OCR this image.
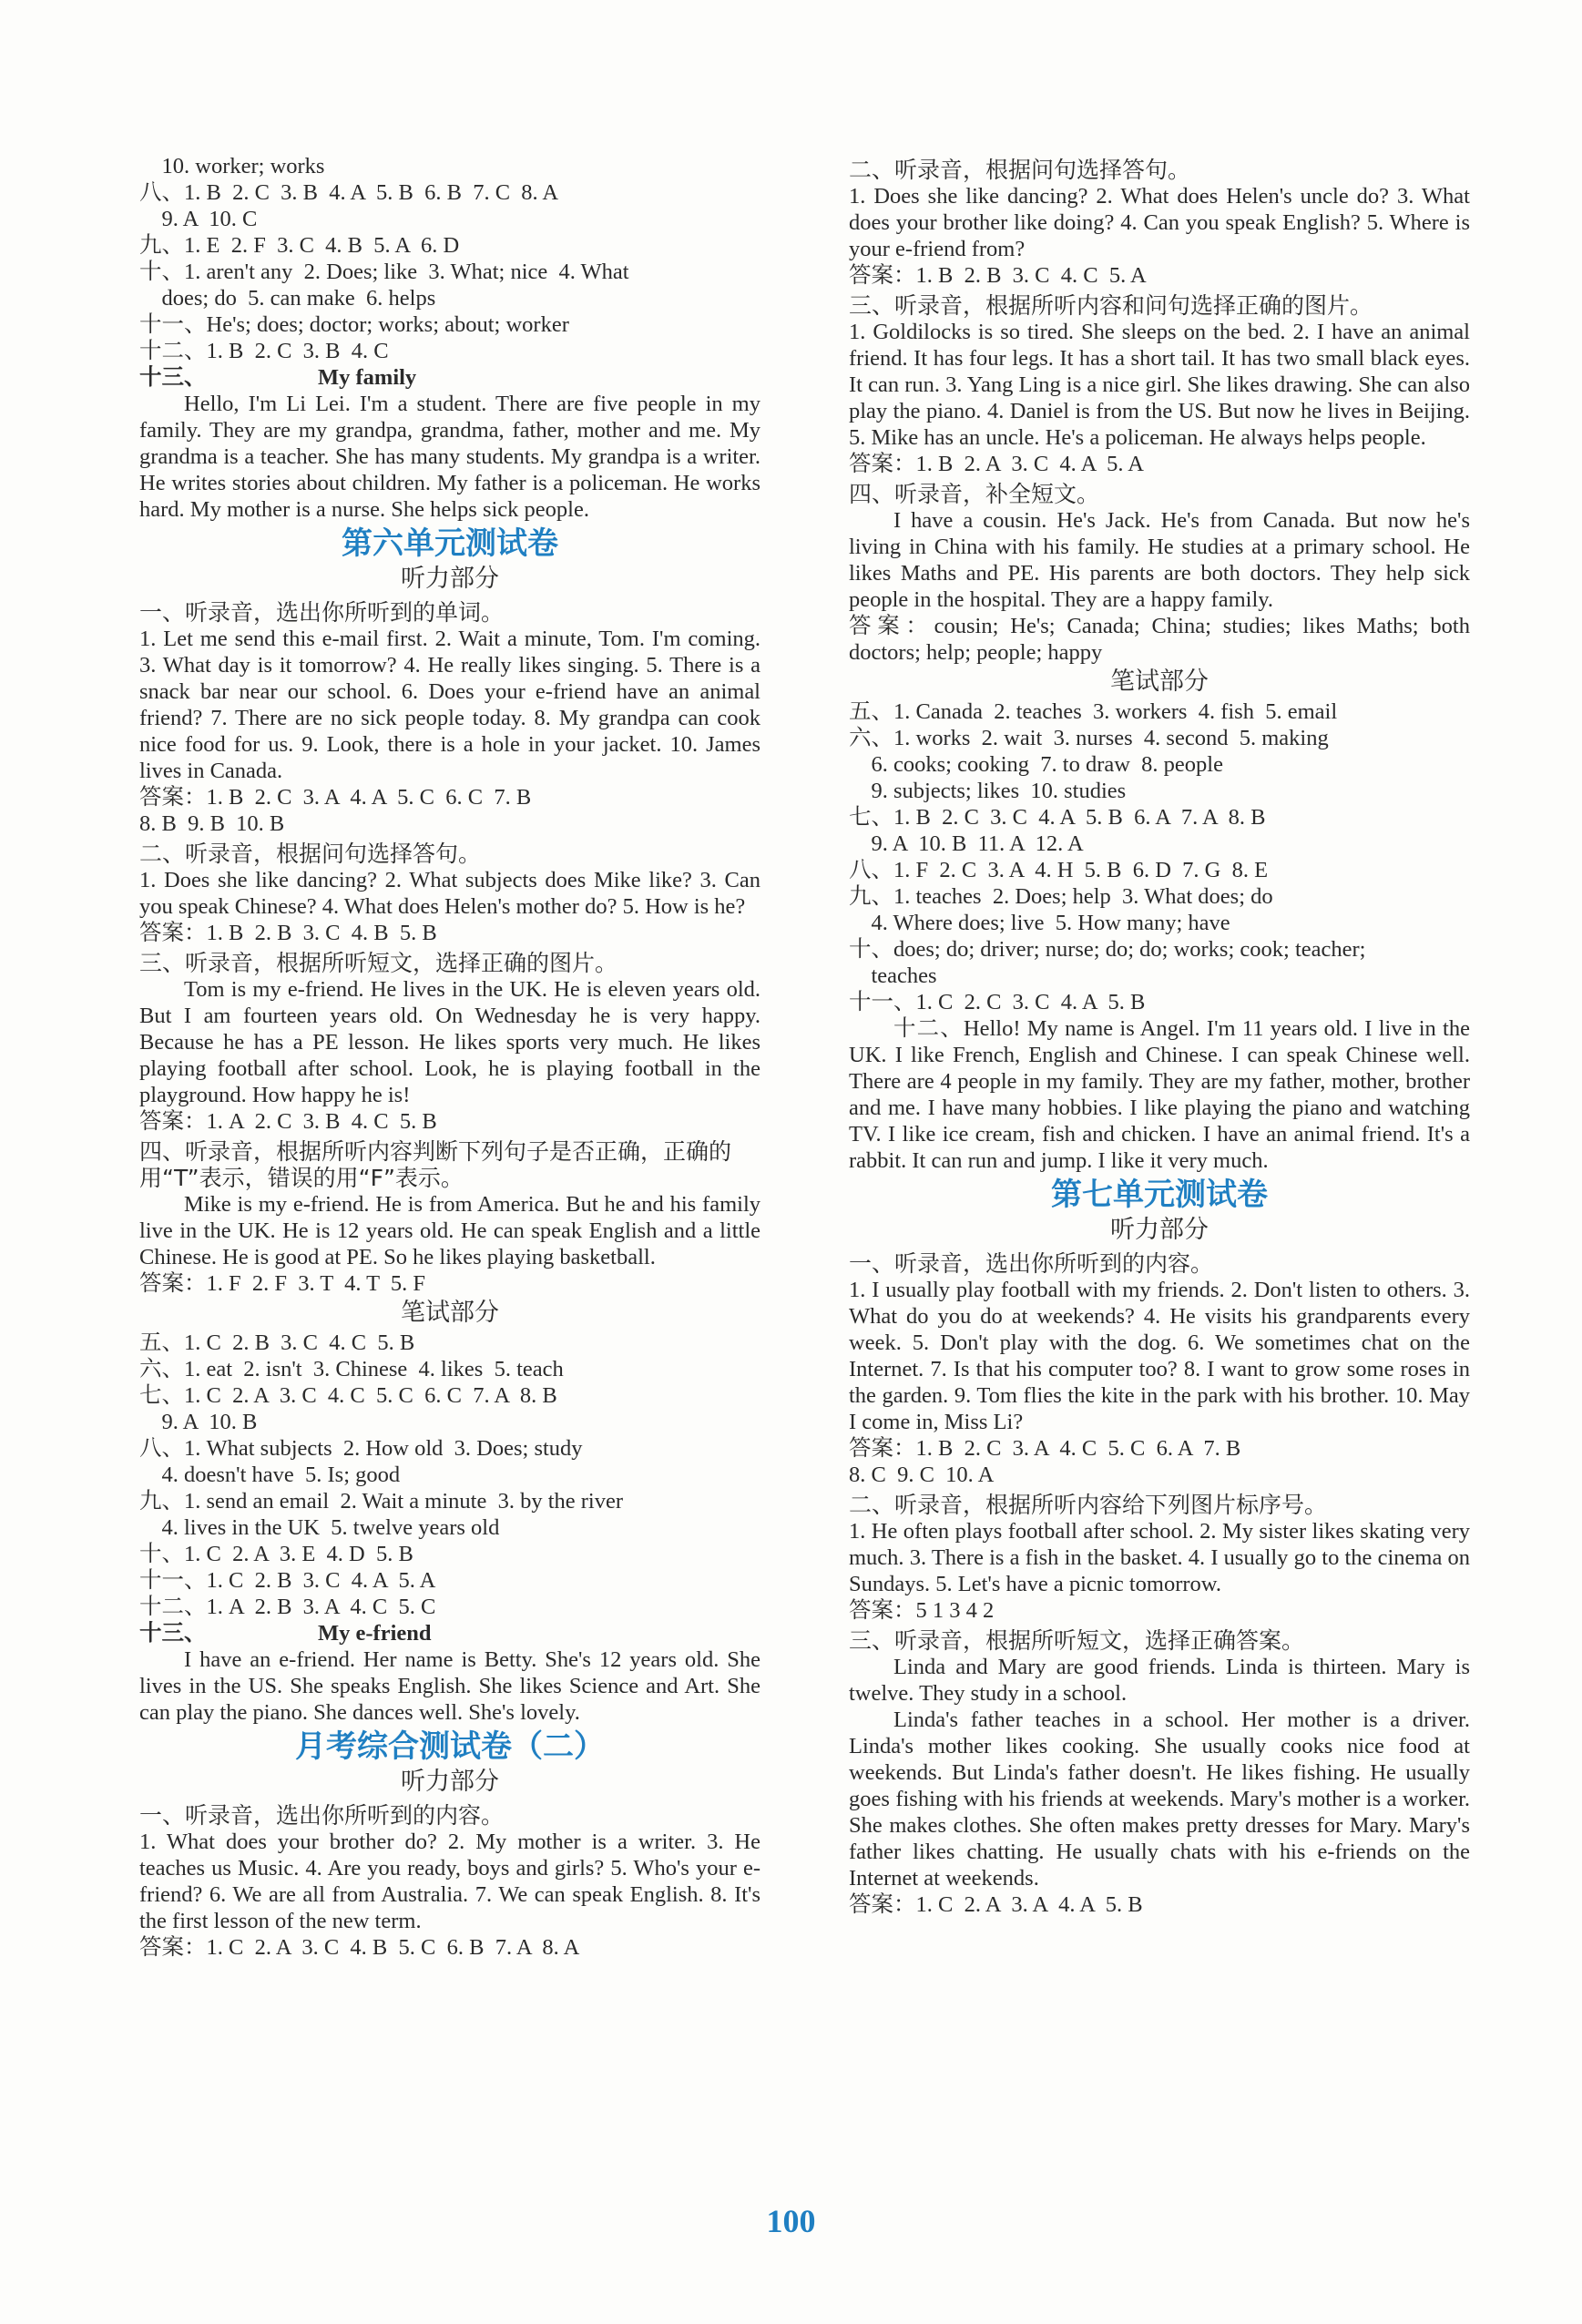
10. worker; works
八、1. B  2. C  3. B  4. A  5. B  6. B  7. C  8. A
9. A  10. C
九、1. E  2. F  3. C  4. B  5. A  6. D
十、1. aren't any  2. Does; like  3. What; nice  4. What
does; do  5. can make  6. helps
十一、He's; does; doctor; works; about; worker
十二、1. B  2. C  3. B  4. C
十三、                    My family
Hello, I'm Li Lei. I'm a student. There are five people in my family. They are my grandpa, grandma, father, mother and me. My grandma is a teacher. She has many students. My grandpa is a writer. He writes stories about children. My father is a policeman. He works hard. My mother is a nurse. She helps sick people.
第六单元测试卷
听力部分
一、听录音，选出你所听到的单词。
1. Let me send this e-mail first. 2. Wait a minute, Tom. I'm coming. 3. What day is it tomorrow? 4. He really likes singing. 5. There is a snack bar near our school. 6. Does your e-friend have an animal friend? 7. There are no sick people today. 8. My grandpa can cook nice food for us. 9. Look, there is a hole in your jacket. 10. James lives in Canada.
答案：1. B  2. C  3. A  4. A  5. C  6. C  7. B
8. B  9. B  10. B
二、听录音，根据问句选择答句。
1. Does she like dancing? 2. What subjects does Mike like? 3. Can you speak Chinese? 4. What does Helen's mother do? 5. How is he?
答案：1. B  2. B  3. C  4. B  5. B
三、听录音，根据所听短文，选择正确的图片。
Tom is my e-friend. He lives in the UK. He is eleven years old. But I am fourteen years old. On Wednesday he is very happy. Because he has a PE lesson. He likes sports very much. He likes playing football after school. Look, he is playing football in the playground. How happy he is!
答案：1. A  2. C  3. B  4. C  5. B
四、听录音，根据所听内容判断下列句子是否正确，正确的用“T”表示，错误的用“F”表示。
Mike is my e-friend. He is from America. But he and his family live in the UK. He is 12 years old. He can speak English and a little Chinese. He is good at PE. So he likes playing basketball.
答案：1. F  2. F  3. T  4. T  5. F
笔试部分
五、1. C  2. B  3. C  4. C  5. B
六、1. eat  2. isn't  3. Chinese  4. likes  5. teach
七、1. C  2. A  3. C  4. C  5. C  6. C  7. A  8. B
9. A  10. B
八、1. What subjects  2. How old  3. Does; study
4. doesn't have  5. Is; good
九、1. send an email  2. Wait a minute  3. by the river
4. lives in the UK  5. twelve years old
十、1. C  2. A  3. E  4. D  5. B
十一、1. C  2. B  3. C  4. A  5. A
十二、1. A  2. B  3. A  4. C  5. C
十三、                    My e-friend
I have an e-friend. Her name is Betty. She's 12 years old. She lives in the US. She speaks English. She likes Science and Art. She can play the piano. She dances well. She's lovely.
月考综合测试卷（二）
听力部分
一、听录音，选出你所听到的内容。
1. What does your brother do? 2. My mother is a writer. 3. He teaches us Music. 4. Are you ready, boys and girls? 5. Who's your e-friend? 6. We are all from Australia. 7. We can speak English. 8. It's the first lesson of the new term.
答案：1. C  2. A  3. C  4. B  5. C  6. B  7. A  8. A
二、听录音，根据问句选择答句。
1. Does she like dancing? 2. What does Helen's uncle do? 3. What does your brother like doing? 4. Can you speak English? 5. Where is your e-friend from?
答案：1. B  2. B  3. C  4. C  5. A
三、听录音，根据所听内容和问句选择正确的图片。
1. Goldilocks is so tired. She sleeps on the bed. 2. I have an animal friend. It has four legs. It has a short tail. It has two small black eyes. It can run. 3. Yang Ling is a nice girl. She likes drawing. She can also play the piano. 4. Daniel is from the US. But now he lives in Beijing. 5. Mike has an uncle. He's a policeman. He always helps people.
答案：1. B  2. A  3. C  4. A  5. A
四、听录音，补全短文。
I have a cousin. He's Jack. He's from Canada. But now he's living in China with his family. He studies at a primary school. He likes Maths and PE. His parents are both doctors. They help sick people in the hospital. They are a happy family.
答案：cousin; He's; Canada; China; studies; likes Maths; both doctors; help; people; happy
笔试部分
五、1. Canada  2. teaches  3. workers  4. fish  5. email
六、1. works  2. wait  3. nurses  4. second  5. making
6. cooks; cooking  7. to draw  8. people
9. subjects; likes  10. studies
七、1. B  2. C  3. C  4. A  5. B  6. A  7. A  8. B
9. A  10. B  11. A  12. A
八、1. F  2. C  3. A  4. H  5. B  6. D  7. G  8. E
九、1. teaches  2. Does; help  3. What does; do
4. Where does; live  5. How many; have
十、does; do; driver; nurse; do; do; works; cook; teacher;
teaches
十一、1. C  2. C  3. C  4. A  5. B
十二、Hello! My name is Angel. I'm 11 years old. I live in the UK. I like French, English and Chinese. I can speak Chinese well. There are 4 people in my family. They are my father, mother, brother and me. I have many hobbies. I like playing the piano and watching TV. I like ice cream, fish and chicken. I have an animal friend. It's a rabbit. It can run and jump. I like it very much.
第七单元测试卷
听力部分
一、听录音，选出你所听到的内容。
1. I usually play football with my friends. 2. Don't listen to others. 3. What do you do at weekends? 4. He visits his grandparents every week. 5. Don't play with the dog. 6. We sometimes chat on the Internet. 7. Is that his computer too? 8. I want to grow some roses in the garden. 9. Tom flies the kite in the park with his brother. 10. May I come in, Miss Li?
答案：1. B  2. C  3. A  4. C  5. C  6. A  7. B
8. C  9. C  10. A
二、听录音，根据所听内容给下列图片标序号。
1. He often plays football after school. 2. My sister likes skating very much. 3. There is a fish in the basket. 4. I usually go to the cinema on Sundays. 5. Let's have a picnic tomorrow.
答案：5 1 3 4 2
三、听录音，根据所听短文，选择正确答案。
Linda and Mary are good friends. Linda is thirteen. Mary is twelve. They study in a school.
Linda's father teaches in a school. Her mother is a driver. Linda's mother likes cooking. She usually cooks nice food at weekends. But Linda's father doesn't. He likes fishing. He usually goes fishing with his friends at weekends. Mary's mother is a worker. She makes clothes. She often makes pretty dresses for Mary. Mary's father likes chatting. He usually chats with his e-friends on the Internet at weekends.
答案：1. C  2. A  3. A  4. A  5. B
100
